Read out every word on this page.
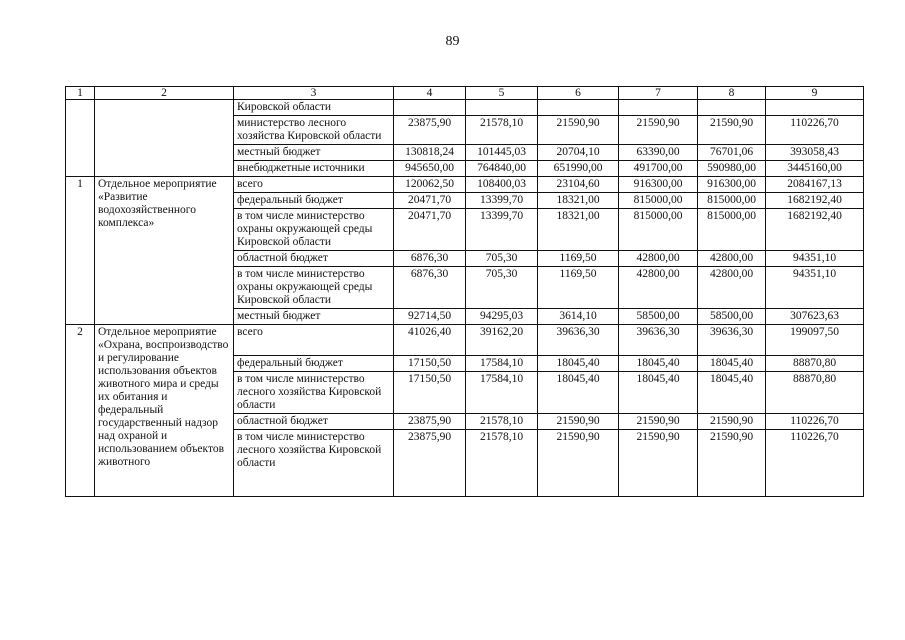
89
1	2	3	4	5	6	7	8	9
		Кировской области						
		министерство лесного хозяйства Кировской области	23875,90	21578,10	21590,90	21590,90	21590,90	110226,70
		местный бюджет	130818,24	101445,03	20704,10	63390,00	76701,06	393058,43
		внебюджетные источники	945650,00	764840,00	651990,00	491700,00	590980,00	3445160,00
1	Отдельное мероприятие «Развитие водохозяйственного комплекса»	всего	120062,50	108400,03	23104,60	916300,00	916300,00	2084167,13
		федеральный бюджет	20471,70	13399,70	18321,00	815000,00	815000,00	1682192,40
		в том числе министерство охраны окружающей среды Кировской области	20471,70	13399,70	18321,00	815000,00	815000,00	1682192,40
		областной бюджет	6876,30	705,30	1169,50	42800,00	42800,00	94351,10
		в том числе министерство охраны окружающей среды Кировской области	6876,30	705,30	1169,50	42800,00	42800,00	94351,10
		местный бюджет	92714,50	94295,03	3614,10	58500,00	58500,00	307623,63
2	Отдельное мероприятие «Охрана, воспроизводство и регулирование использования объектов животного мира и среды их обитания и федеральный государственный надзор над охраной и использованием объектов животного	всего	41026,40	39162,20	39636,30	39636,30	39636,30	199097,50
		федеральный бюджет	17150,50	17584,10	18045,40	18045,40	18045,40	88870,80
		в том числе министерство лесного хозяйства Кировской области	17150,50	17584,10	18045,40	18045,40	18045,40	88870,80
		областной бюджет	23875,90	21578,10	21590,90	21590,90	21590,90	110226,70
		в том числе министерство лесного хозяйства Кировской области	23875,90	21578,10	21590,90	21590,90	21590,90	110226,70
